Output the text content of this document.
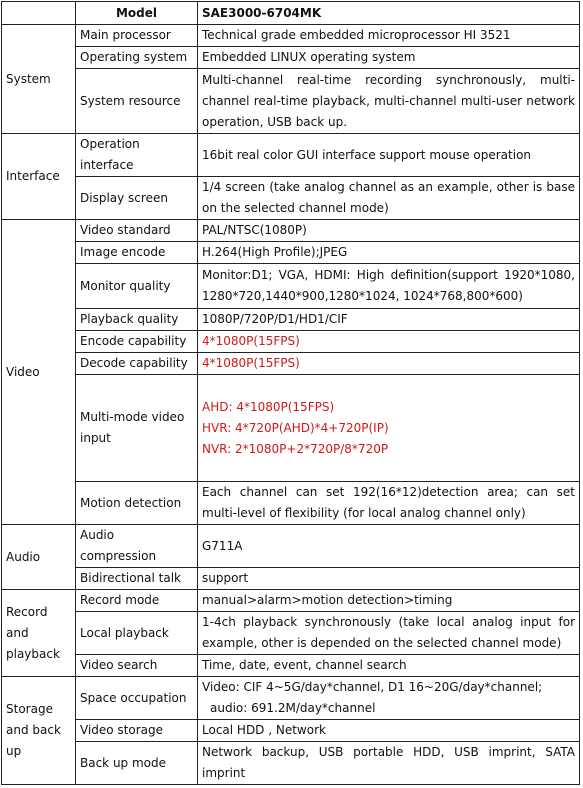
	Model	SAE3000-6704MK
System	Main processor	Technical grade embedded microprocessor HI 3521
	Operating system	Embedded LINUX operating system
	System resource	Multi-channel real-time recording synchronously, multi-channel real-time playback, multi-channel multi-user network operation, USB back up.
Interface	Operation interface	16bit real color GUI interface support mouse operation
	Display screen	1/4 screen (take analog channel as an example, other is base on the selected channel mode)
Video	Video standard	PAL/NTSC(1080P)
	Image encode	H.264(High Profile);JPEG
	Monitor quality	Monitor:D1; VGA, HDMI: High definition(support 1920*1080, 1280*720,1440*900,1280*1024, 1024*768,800*600)
	Playback quality	1080P/720P/D1/HD1/CIF
	Encode capability	4*1080P(15FPS)
	Decode capability	4*1080P(15FPS)
	Multi-mode video input	AHD: 4*1080P(15FPS)
HVR: 4*720P(AHD)*4+720P(IP)
NVR: 2*1080P+2*720P/8*720P

	Motion detection	Each channel can set 192(16*12)detection area; can set multi-level of flexibility (for local analog channel only)
Audio	Audio compression	G711A
	Bidirectional talk	support
Record and playback	Record mode	manual>alarm>motion detection>timing
	Local playback	1-4ch playback synchronously (take local analog input for example, other is depended on the selected channel mode)
	Video search	Time, date, event, channel search
Storage and back up	Space occupation	Video: CIF 4~5G/day*channel, D1 16~20G/day*channel;
audio: 691.2M/day*channel

	Video storage	Local HDD , Network
	Back up mode	Network backup, USB portable HDD, USB imprint, SATA imprint
